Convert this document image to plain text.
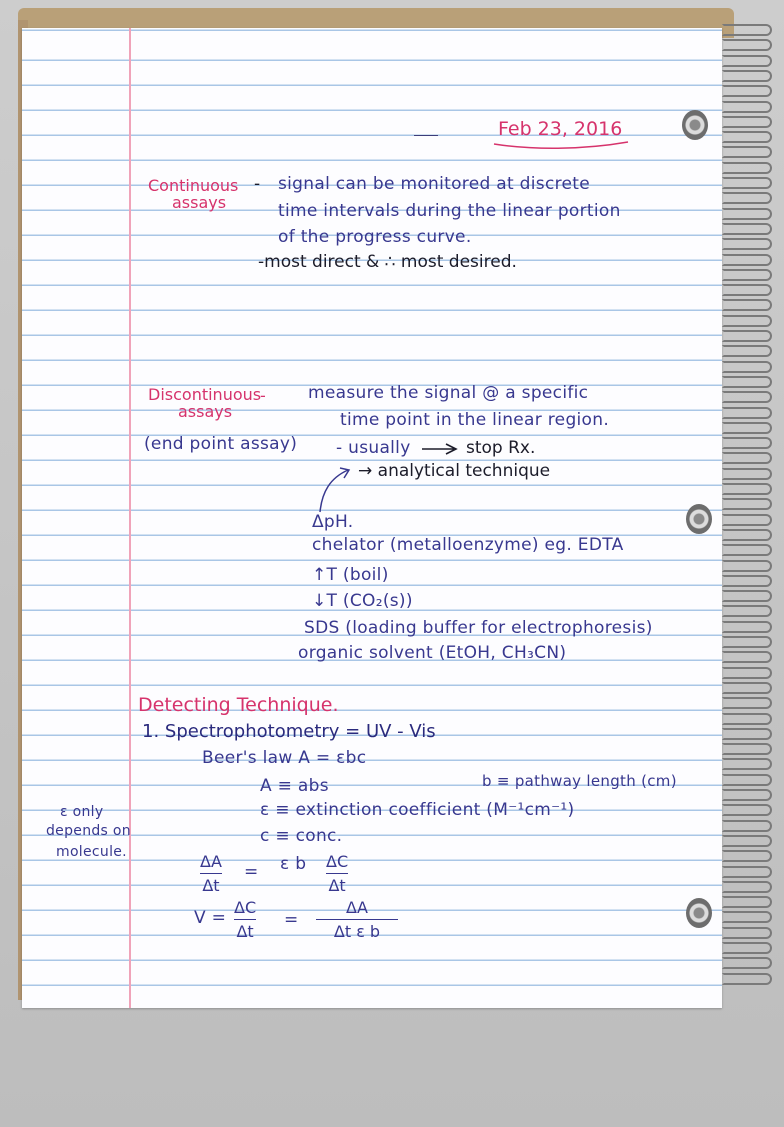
Feb 23, 2016
Continuous
assays
- signal can be monitored at discrete
time intervals during the linear portion
of the progress curve.
-most direct & ∴ most desired.
Discontinuous
assays
-
(end point assay)
measure the signal @ a specific
time point in the linear region.
- usually	stop Rx.
→ analytical technique
ΔpH.
chelator (metalloenzyme) eg. EDTA
↑T (boil)
↓T (CO₂(s))
SDS (loading buffer for electrophoresis)
organic solvent (EtOH, CH₃CN)
Detecting Technique.
1. Spectrophotometry = UV - Vis
Beer's law A = εbc
A ≡ abs	b ≡ pathway length (cm)
ε ≡ extinction coefficient (M⁻¹cm⁻¹)
c ≡ conc.
ε only
depends on
molecule.	ΔA
Δt
= ε b ΔC
Δt
V =
ΔC
Δt
=
ΔA
Δt ε b
